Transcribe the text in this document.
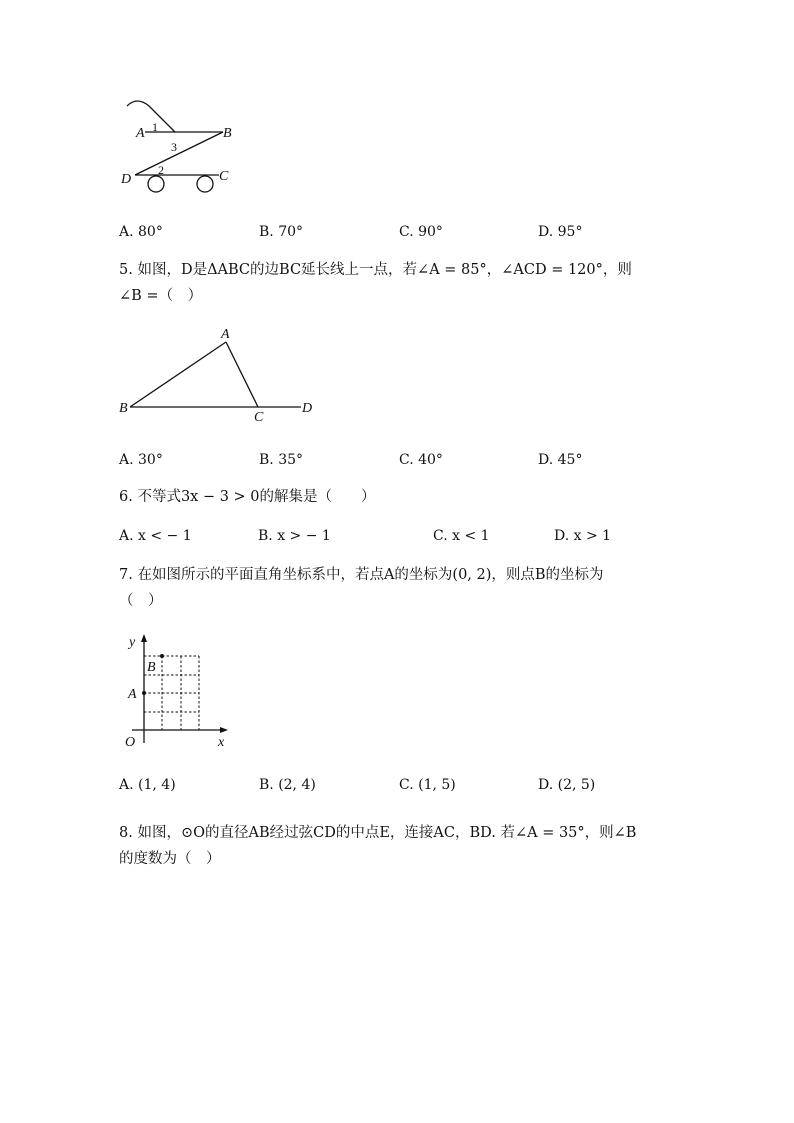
A	B
C
D
1
2
3
A. 80°	B. 70°	C. 90°	D. 95°
5. 如图，D是ΔABC的边BC延长线上一点，若∠A = 85°，∠ACD = 120°，则
∠B =（　）
A
B
C
D
A. 30°	B. 35°	C. 40°	D. 45°
6. 不等式3x − 3 > 0的解集是（　　）
A. x < − 1	B. x > − 1	C. x < 1	D. x > 1
7. 在如图所示的平面直角坐标系中，若点A的坐标为(0, 2)，则点B的坐标为
（　）
y
x
O
A
B
A. (1, 4)	B. (2, 4)	C. (1, 5)	D. (2, 5)
8. 如图，⊙O的直径AB经过弦CD的中点E，连接AC，BD. 若∠A = 35°，则∠B
的度数为（　）
